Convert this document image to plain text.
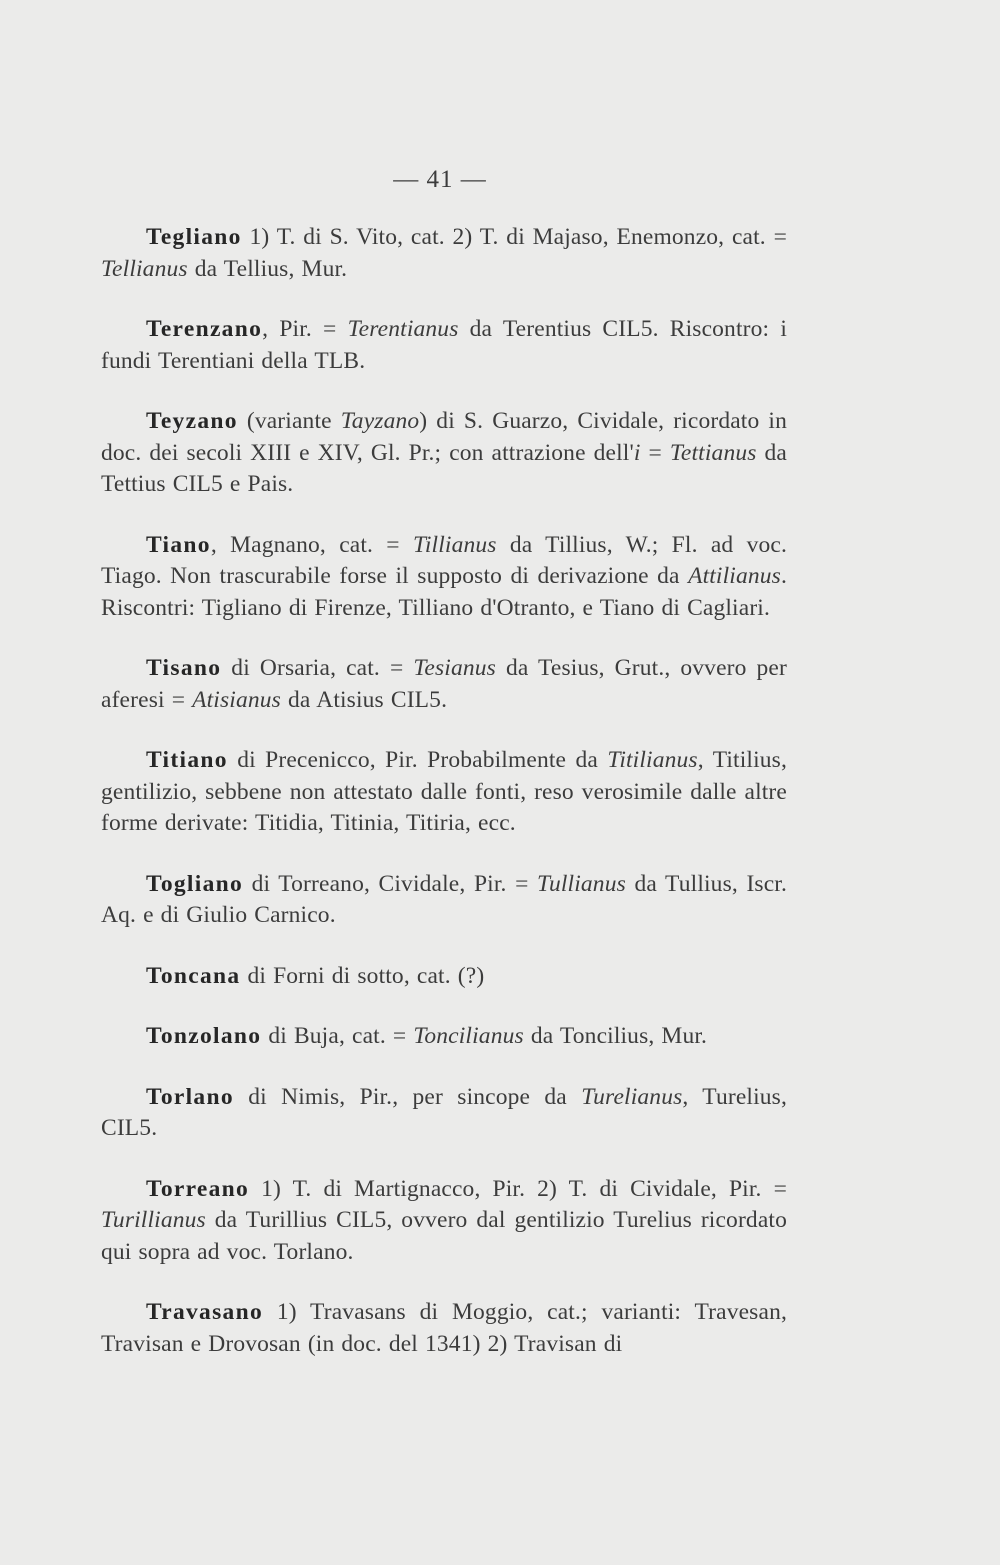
— 41 —

Tegliano 1) T. di S. Vito, cat. 2) T. di Majaso, Enemonzo, cat. = Tellianus da Tellius, Mur.

Terenzano, Pir. = Terentianus da Terentius CIL5. Riscontro: i fundi Terentiani della TLB.

Teyzano (variante Tayzano) di S. Guarzo, Cividale, ricordato in doc. dei secoli XIII e XIV, Gl. Pr.; con attrazione dell'i = Tettianus da Tettius CIL5 e Pais.

Tiano, Magnano, cat. = Tillianus da Tillius, W.; Fl. ad voc. Tiago. Non trascurabile forse il supposto di derivazione da Attilianus. Riscontri: Tigliano di Firenze, Tilliano d'Otranto, e Tiano di Cagliari.

Tisano di Orsaria, cat. = Tesianus da Tesius, Grut., ovvero per aferesi = Atisianus da Atisius CIL5.

Titiano di Precenicco, Pir. Probabilmente da Titilianus, Titilius, gentilizio, sebbene non attestato dalle fonti, reso verosimile dalle altre forme derivate: Titidia, Titinia, Titiria, ecc.

Togliano di Torreano, Cividale, Pir. = Tullianus da Tullius, Iscr. Aq. e di Giulio Carnico.

Toncana di Forni di sotto, cat. (?)

Tonzolano di Buja, cat. = Toncilianus da Toncilius, Mur.

Torlano di Nimis, Pir., per sincope da Turelianus, Turelius, CIL5.

Torreano 1) T. di Martignacco, Pir. 2) T. di Cividale, Pir. = Turillianus da Turillius CIL5, ovvero dal gentilizio Turelius ricordato qui sopra ad voc. Torlano.

Travasano 1) Travasans di Moggio, cat.; varianti: Travesan, Travisan e Drovosan (in doc. del 1341) 2) Travisan di
